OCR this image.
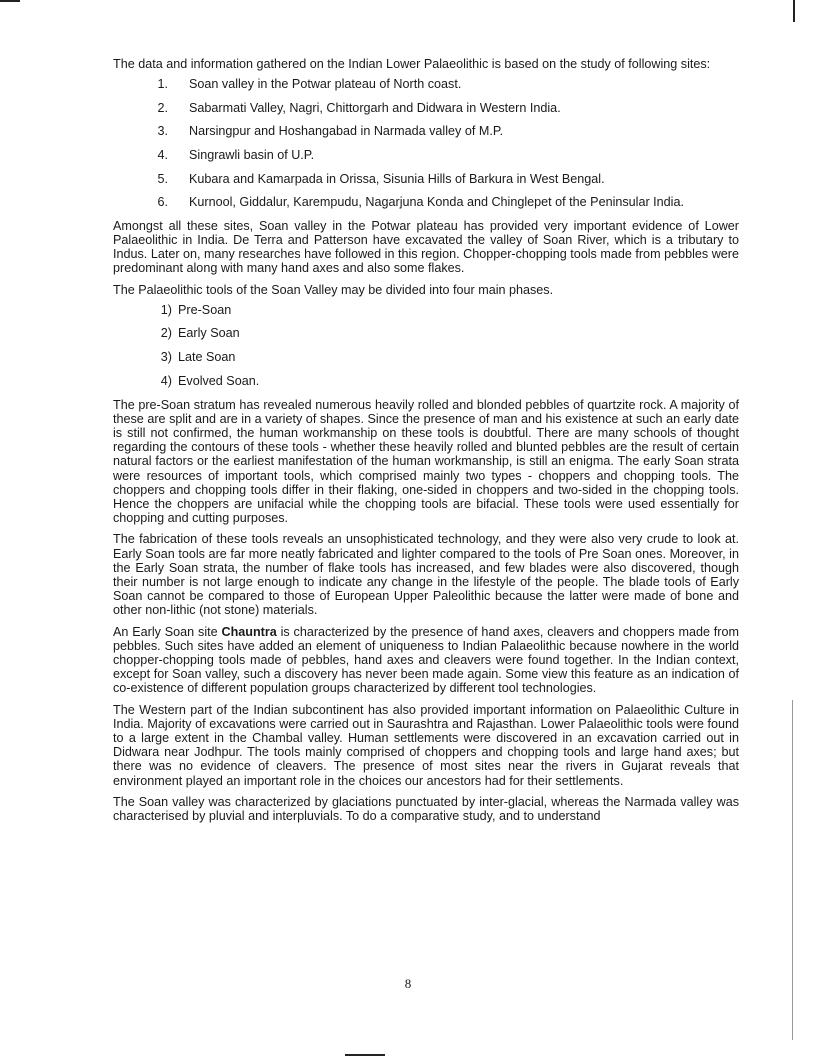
The data and information gathered on the Indian Lower Palaeolithic is based on the study of following sites:

1.	Soan valley in the Potwar plateau of North coast.
2.	Sabarmati Valley, Nagri, Chittorgarh and Didwara in Western India.
3.	Narsingpur and Hoshangabad in Narmada valley of M.P.
4.	Singrawli basin of U.P.
5.	Kubara and Kamarpada in Orissa, Sisunia Hills of Barkura in West Bengal.
6.	Kurnool, Giddalur, Karempudu, Nagarjuna Konda and Chinglepet of the Peninsular India.

Amongst all these sites, Soan valley in the Potwar plateau has provided very important evidence of Lower Palaeolithic in India. De Terra and Patterson have excavated the valley of Soan River, which is a tributary to Indus. Later on, many researches have followed in this region. Chopper-chopping tools made from pebbles were predominant along with many hand axes and also some flakes.

The Palaeolithic tools of the Soan Valley may be divided into four main phases.

1) Pre-Soan
2) Early Soan
3) Late Soan
4) Evolved Soan.

The pre-Soan stratum has revealed numerous heavily rolled and blonded pebbles of quartzite rock. A majority of these are split and are in a variety of shapes. Since the presence of man and his existence at such an early date is still not confirmed, the human workmanship on these tools is doubtful. There are many schools of thought regarding the contours of these tools - whether these heavily rolled and blunted pebbles are the result of certain natural factors or the earliest manifestation of the human workmanship, is still an enigma. The early Soan strata were resources of important tools, which comprised mainly two types - choppers and chopping tools. The choppers and chopping tools differ in their flaking, one-sided in choppers and two-sided in the chopping tools. Hence the choppers are unifacial while the chopping tools are bifacial. These tools were used essentially for chopping and cutting purposes.

The fabrication of these tools reveals an unsophisticated technology, and they were also very crude to look at. Early Soan tools are far more neatly fabricated and lighter compared to the tools of Pre Soan ones. Moreover, in the Early Soan strata, the number of flake tools has increased, and few blades were also discovered, though their number is not large enough to indicate any change in the lifestyle of the people. The blade tools of Early Soan cannot be compared to those of European Upper Paleolithic because the latter were made of bone and other non-lithic (not stone) materials.

An Early Soan site Chauntra is characterized by the presence of hand axes, cleavers and choppers made from pebbles. Such sites have added an element of uniqueness to Indian Palaeolithic because nowhere in the world chopper-chopping tools made of pebbles, hand axes and cleavers were found together. In the Indian context, except for Soan valley, such a discovery has never been made again. Some view this feature as an indication of co-existence of different population groups characterized by different tool technologies.

The Western part of the Indian subcontinent has also provided important information on Palaeolithic Culture in India. Majority of excavations were carried out in Saurashtra and Rajasthan. Lower Palaeolithic tools were found to a large extent in the Chambal valley. Human settlements were discovered in an excavation carried out in Didwara near Jodhpur. The tools mainly comprised of choppers and chopping tools and large hand axes; but there was no evidence of cleavers. The presence of most sites near the rivers in Gujarat reveals that environment played an important role in the choices our ancestors had for their settlements.

The Soan valley was characterized by glaciations punctuated by inter-glacial, whereas the Narmada valley was characterised by pluvial and interpluvials. To do a comparative study, and to understand

8
